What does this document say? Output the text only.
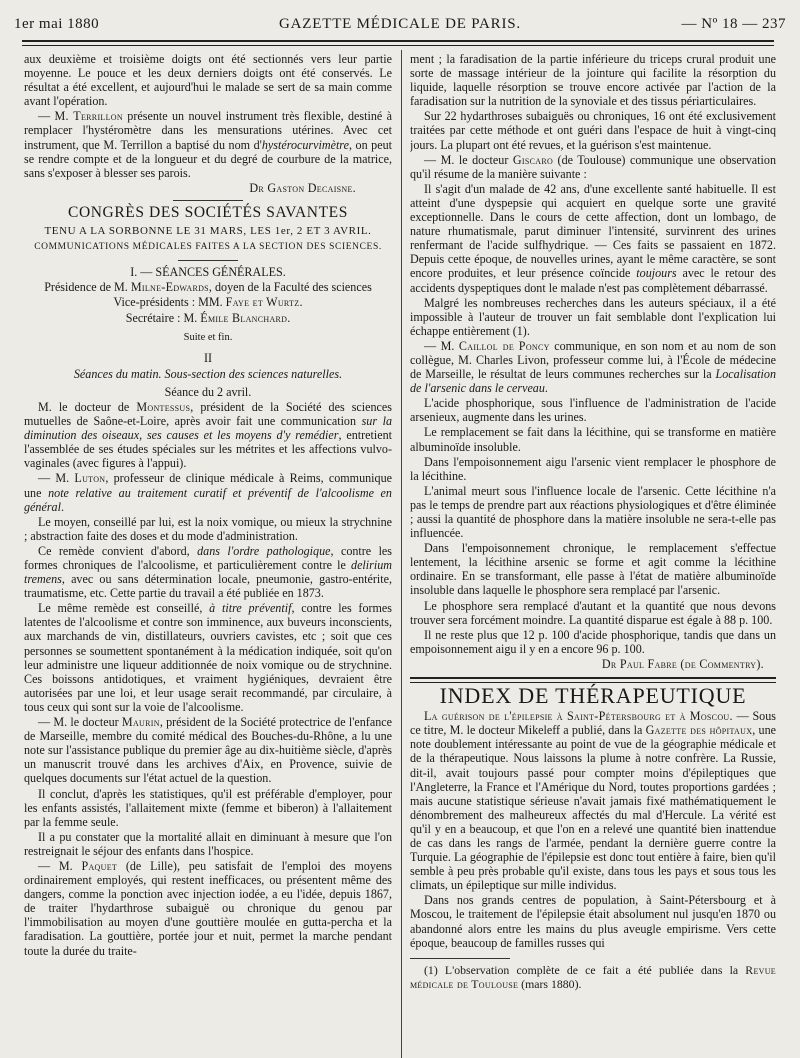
1er mai 1880	GAZETTE MÉDICALE DE PARIS.	— Nº 18 — 237

aux deuxième et troisième doigts ont été sectionnés vers leur partie moyenne. Le pouce et les deux derniers doigts ont été conservés. Le résultat a été excellent, et aujourd'hui le malade se sert de sa main comme avant l'opération.

— M. Terrillon présente un nouvel instrument très flexible, destiné à remplacer l'hystéromètre dans les mensurations utérines. Avec cet instrument, que M. Terrillon a baptisé du nom d'hystérocurvimètre, on peut se rendre compte et de la longueur et du degré de courbure de la matrice, sans s'exposer à blesser ses parois.

Dr Gaston Decaisne.

CONGRÈS DES SOCIÉTÉS SAVANTES
TENU A LA SORBONNE LE 31 MARS, LES 1er, 2 ET 3 AVRIL.
COMMUNICATIONS MÉDICALES FAITES A LA SECTION DES SCIENCES.

I. — SÉANCES GÉNÉRALES.

Présidence de M. Milne-Edwards, doyen de la Faculté des sciences

Vice-présidents : MM. Faye et Wurtz.

Secrétaire : M. Émile Blanchard.

Suite et fin.
II
Séances du matin. Sous-section des sciences naturelles.

Séance du 2 avril.

M. le docteur de Montessus, président de la Société des sciences mutuelles de Saône-et-Loire, après avoir fait une communication sur la diminution des oiseaux, ses causes et les moyens d'y remédier, entretient l'assemblée de ses études spéciales sur les métrites et les affections vulvo-vaginales (avec figures à l'appui).

— M. Luton, professeur de clinique médicale à Reims, communique une note relative au traitement curatif et préventif de l'alcoolisme en général.

Le moyen, conseillé par lui, est la noix vomique, ou mieux la strychnine ; abstraction faite des doses et du mode d'administration.

Ce remède convient d'abord, dans l'ordre pathologique, contre les formes chroniques de l'alcoolisme, et particulièrement contre le delirium tremens, avec ou sans détermination locale, pneumonie, gastro-entérite, traumatisme, etc. Cette partie du travail a été publiée en 1873.

Le même remède est conseillé, à titre préventif, contre les formes latentes de l'alcoolisme et contre son imminence, aux buveurs inconscients, aux marchands de vin, distillateurs, ouvriers cavistes, etc ; soit que ces personnes se soumettent spontanément à la médication indiquée, soit qu'on leur administre une liqueur additionnée de noix vomique ou de strychnine. Ces boissons antidotiques, et vraiment hygiéniques, devraient être autorisées par une loi, et leur usage serait recommandé, par circulaire, à tous ceux qui sont sur la voie de l'alcoolisme.

— M. le docteur Maurin, président de la Société protectrice de l'enfance de Marseille, membre du comité médical des Bouches-du-Rhône, a lu une note sur l'assistance publique du premier âge au dix-huitième siècle, d'après un manuscrit trouvé dans les archives d'Aix, en Provence, suivie de quelques documents sur l'état actuel de la question.

Il conclut, d'après les statistiques, qu'il est préférable d'employer, pour les enfants assistés, l'allaitement mixte (femme et biberon) à l'allaitement par la femme seule.

Il a pu constater que la mortalité allait en diminuant à mesure que l'on restreignait le séjour des enfants dans l'hospice.

— M. Paquet (de Lille), peu satisfait de l'emploi des moyens ordinairement employés, qui restent inefficaces, ou présentent même des dangers, comme la ponction avec injection iodée, a eu l'idée, depuis 1867, de traiter l'hydarthrose subaiguë ou chronique du genou par l'immobilisation au moyen d'une gouttière moulée en gutta-percha et la faradisation. La gouttière, portée jour et nuit, permet la marche pendant toute la durée du traite-

ment ; la faradisation de la partie inférieure du triceps crural produit une sorte de massage intérieur de la jointure qui facilite la résorption du liquide, laquelle résorption se trouve encore activée par l'action de la faradisation sur la nutrition de la synoviale et des tissus périarticulaires.

Sur 22 hydarthroses subaiguës ou chroniques, 16 ont été exclusivement traitées par cette méthode et ont guéri dans l'espace de huit à vingt-cinq jours. La plupart ont été revues, et la guérison s'est maintenue.

— M. le docteur Giscaro (de Toulouse) communique une observation qu'il résume de la manière suivante :

Il s'agit d'un malade de 42 ans, d'une excellente santé habituelle. Il est atteint d'une dyspepsie qui acquiert en quelque sorte une gravité exceptionnelle. Dans le cours de cette affection, dont un lombago, de nature rhumatismale, parut diminuer l'intensité, survinrent des urines renfermant de l'acide sulfhydrique. — Ces faits se passaient en 1872. Depuis cette époque, de nouvelles urines, ayant le même caractère, se sont encore produites, et leur présence coïncide toujours avec le retour des accidents dyspeptiques dont le malade n'est pas complètement débarrassé.

Malgré les nombreuses recherches dans les auteurs spéciaux, il a été impossible à l'auteur de trouver un fait semblable dont l'explication lui échappe entièrement (1).

— M. Caillol de Poncy communique, en son nom et au nom de son collègue, M. Charles Livon, professeur comme lui, à l'École de médecine de Marseille, le résultat de leurs communes recherches sur la Localisation de l'arsenic dans le cerveau.

L'acide phosphorique, sous l'influence de l'administration de l'acide arsenieux, augmente dans les urines.

Le remplacement se fait dans la lécithine, qui se transforme en matière albuminoïde insoluble.

Dans l'empoisonnement aigu l'arsenic vient remplacer le phosphore de la lécithine.

L'animal meurt sous l'influence locale de l'arsenic. Cette lécithine n'a pas le temps de prendre part aux réactions physiologiques et d'être éliminée ; aussi la quantité de phosphore dans la matière insoluble ne sera-t-elle pas influencée.

Dans l'empoisonnement chronique, le remplacement s'effectue lentement, la lécithine arsenic se forme et agit comme la lécithine ordinaire. En se transformant, elle passe à l'état de matière albuminoïde insoluble dans laquelle le phosphore sera remplacé par l'arsenic.

Le phosphore sera remplacé d'autant et la quantité que nous devons trouver sera forcément moindre. La quantité disparue est égale à 88 p. 100.

Il ne reste plus que 12 p. 100 d'acide phosphorique, tandis que dans un empoisonnement aigu il y en a encore 96 p. 100.

Dr Paul Fabre (de Commentry).

INDEX DE THÉRAPEUTIQUE

La guérison de l'épilepsie à Saint-Pétersbourg et à Moscou. — Sous ce titre, M. le docteur Mikeleff a publié, dans la Gazette des hôpitaux, une note doublement intéressante au point de vue de la géographie médicale et de la thérapeutique. Nous laissons la plume à notre confrère. La Russie, dit-il, avait toujours passé pour compter moins d'épileptiques que l'Angleterre, la France et l'Amérique du Nord, toutes proportions gardées ; mais aucune statistique sérieuse n'avait jamais fixé mathématiquement le dénombrement des malheureux affectés du mal d'Hercule. La vérité est qu'il y en a beaucoup, et que l'on en a relevé une quantité bien inattendue de cas dans les rangs de l'armée, pendant la dernière guerre contre la Turquie. La géographie de l'épilepsie est donc tout entière à faire, bien qu'il semble à peu près probable qu'il existe, dans tous les pays et sous tous les climats, un épileptique sur mille individus.

Dans nos grands centres de population, à Saint-Pétersbourg et à Moscou, le traitement de l'épilepsie était absolument nul jusqu'en 1870 ou abandonné alors entre les mains du plus aveugle empirisme. Vers cette époque, beaucoup de familles russes qui

(1) L'observation complète de ce fait a été publiée dans la Revue médicale de Toulouse (mars 1880).
